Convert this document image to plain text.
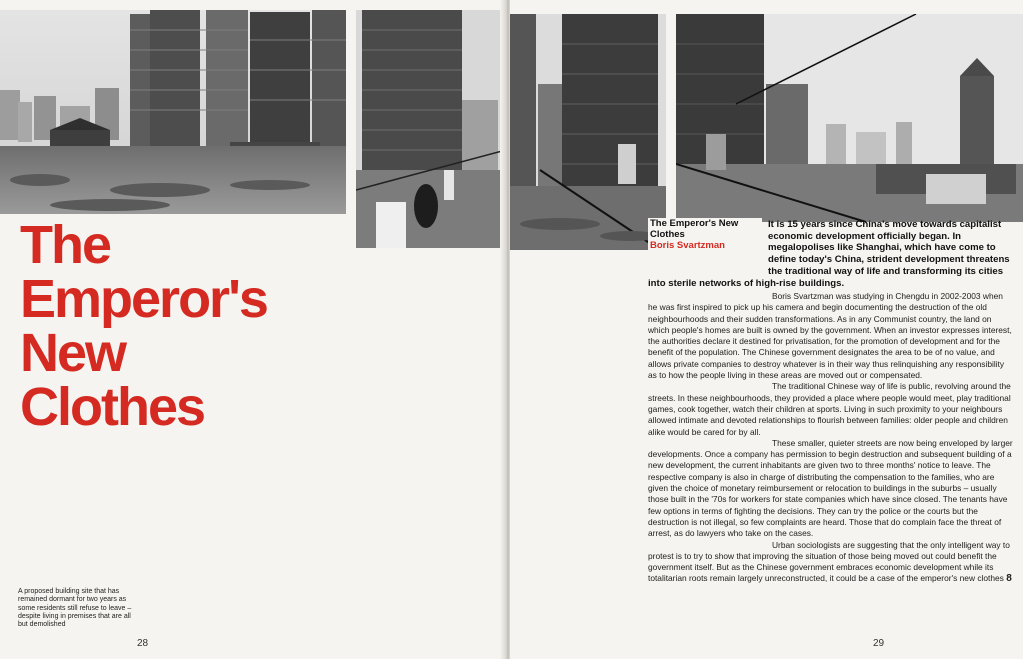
The
Emperor's
New
Clothes
A proposed building site that has remained dormant for two years as some residents still refuse to leave – despite living in premises that are all but demolished
28
The Emperor's New Clothes
Boris Svartzman
It is 15 years since China's move towards capitalist economic development officially began. In megalopolises like Shanghai, which have come to define today's China, strident development threatens the traditional way of life and transforming its cities into sterile networks of high-rise buildings.

Boris Svartzman was studying in Chengdu in 2002-2003 when he was first inspired to pick up his camera and begin documenting the destruction of the old neighbourhoods and their sudden transformations. As in any Communist country, the land on which people's homes are built is owned by the government. When an investor expresses interest, the authorities declare it destined for privatisation, for the promotion of development and for the benefit of the population. The Chinese government designates the area to be of no value, and allows private companies to destroy whatever is in their way thus relinquishing any responsibility as to how the people living in these areas are moved out or compensated.

The traditional Chinese way of life is public, revolving around the streets. In these neighbourhoods, they provided a place where people would meet, play traditional games, cook together, watch their children at sports. Living in such proximity to your neighbours allowed intimate and devoted relationships to flourish between families: older people and children alike would be cared for by all.

These smaller, quieter streets are now being enveloped by larger developments. Once a company has permission to begin destruction and subsequent building of a new development, the current inhabitants are given two to three months' notice to leave. The respective company is also in charge of distributing the compensation to the families, who are given the choice of monetary reimbursement or relocation to buildings in the suburbs – usually those built in the '70s for workers for state companies which have since closed. The tenants have few options in terms of fighting the decisions. They can try the police or the courts but the destruction is not illegal, so few complaints are heard. Those that do complain face the threat of arrest, as do lawyers who take on the cases.

Urban sociologists are suggesting that the only intelligent way to protest is to try to show that improving the situation of those being moved out could benefit the government itself. But as the Chinese government embraces economic development while its totalitarian roots remain largely unreconstructed, it could be a case of the emperor's new clothes 8

29
